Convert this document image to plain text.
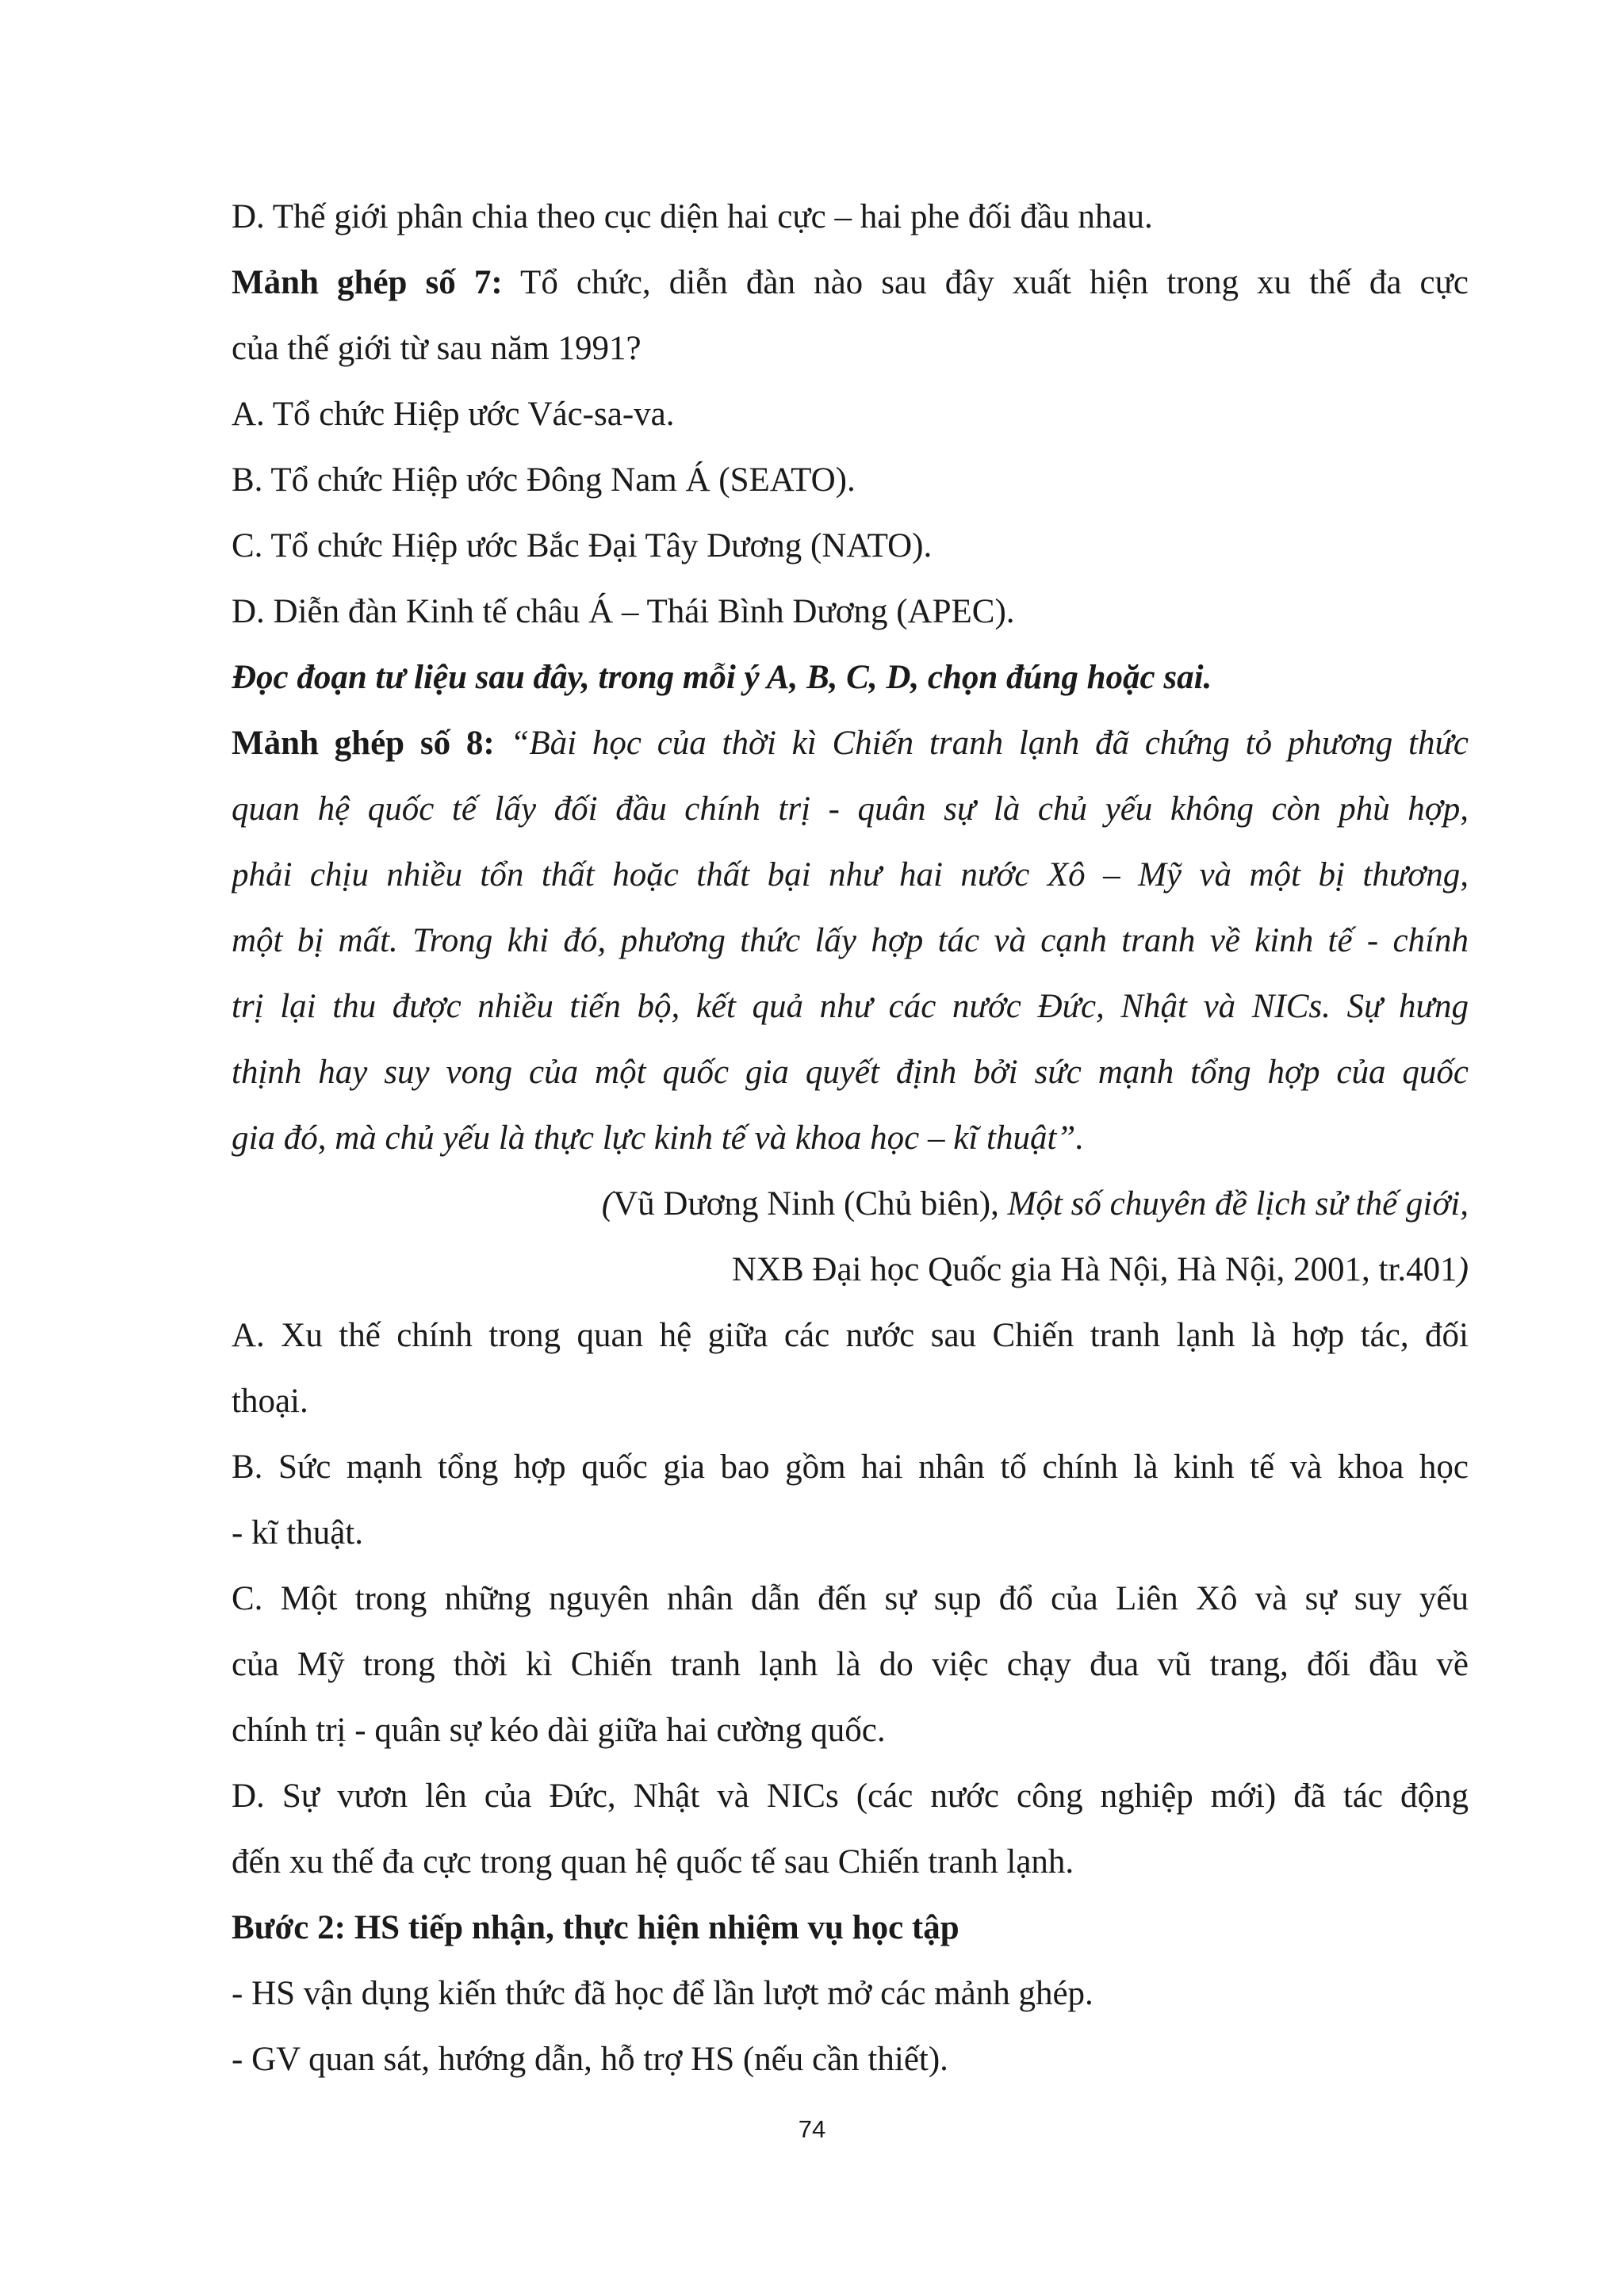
D. Thế giới phân chia theo cục diện hai cực – hai phe đối đầu nhau.
Mảnh ghép số 7: Tổ chức, diễn đàn nào sau đây xuất hiện trong xu thế đa cực
của thế giới từ sau năm 1991?
A. Tổ chức Hiệp ước Vác-sa-va.
B. Tổ chức Hiệp ước Đông Nam Á (SEATO).
C. Tổ chức Hiệp ước Bắc Đại Tây Dương (NATO).
D. Diễn đàn Kinh tế châu Á – Thái Bình Dương (APEC).
Đọc đoạn tư liệu sau đây, trong mỗi ý A, B, C, D, chọn đúng hoặc sai.
Mảnh ghép số 8: “Bài học của thời kì Chiến tranh lạnh đã chứng tỏ phương thức
quan hệ quốc tế lấy đối đầu chính trị - quân sự là chủ yếu không còn phù hợp,
phải chịu nhiều tổn thất hoặc thất bại như hai nước Xô – Mỹ và một bị thương,
một bị mất. Trong khi đó, phương thức lấy hợp tác và cạnh tranh về kinh tế - chính
trị lại thu được nhiều tiến bộ, kết quả như các nước Đức, Nhật và NICs. Sự hưng
thịnh hay suy vong của một quốc gia quyết định bởi sức mạnh tổng hợp của quốc
gia đó, mà chủ yếu là thực lực kinh tế và khoa học – kĩ thuật”.
(Vũ Dương Ninh (Chủ biên), Một số chuyên đề lịch sử thế giới,
NXB Đại học Quốc gia Hà Nội, Hà Nội, 2001, tr.401)
A. Xu thế chính trong quan hệ giữa các nước sau Chiến tranh lạnh là hợp tác, đối
thoại.
B. Sức mạnh tổng hợp quốc gia bao gồm hai nhân tố chính là kinh tế và khoa học
- kĩ thuật.
C. Một trong những nguyên nhân dẫn đến sự sụp đổ của Liên Xô và sự suy yếu
của Mỹ trong thời kì Chiến tranh lạnh là do việc chạy đua vũ trang, đối đầu về
chính trị - quân sự kéo dài giữa hai cường quốc.
D. Sự vươn lên của Đức, Nhật và NICs (các nước công nghiệp mới) đã tác động
đến xu thế đa cực trong quan hệ quốc tế sau Chiến tranh lạnh.
Bước 2: HS tiếp nhận, thực hiện nhiệm vụ học tập
- HS vận dụng kiến thức đã học để lần lượt mở các mảnh ghép.
- GV quan sát, hướng dẫn, hỗ trợ HS (nếu cần thiết).
74
